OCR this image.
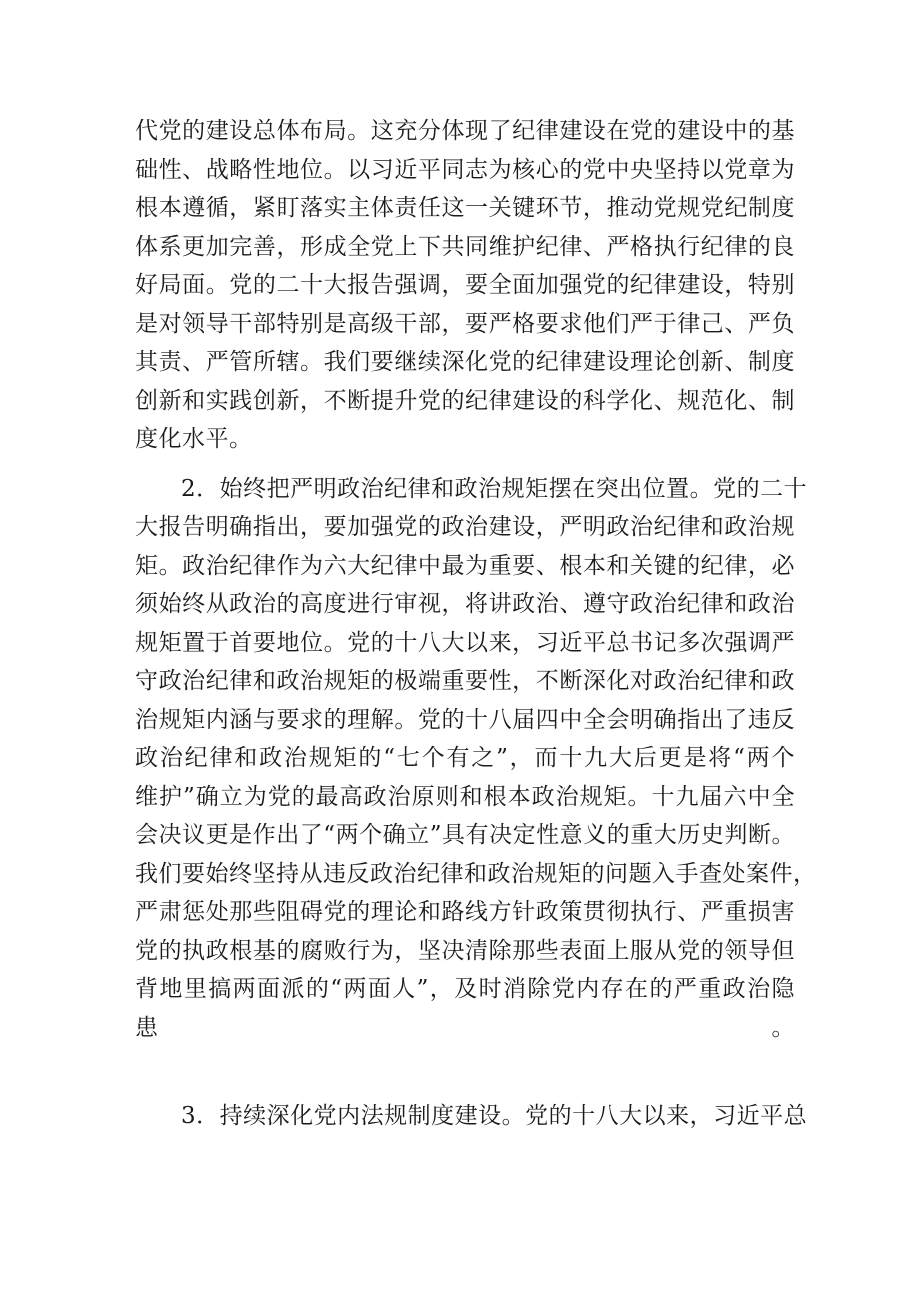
代党的建设总体布局。这充分体现了纪律建设在党的建设中的基
础性、战略性地位。以习近平同志为核心的党中央坚持以党章为
根本遵循，紧盯落实主体责任这一关键环节，推动党规党纪制度
体系更加完善，形成全党上下共同维护纪律、严格执行纪律的良
好局面。党的二十大报告强调，要全面加强党的纪律建设，特别
是对领导干部特别是高级干部，要严格要求他们严于律己、严负
其责、严管所辖。我们要继续深化党的纪律建设理论创新、制度
创新和实践创新，不断提升党的纪律建设的科学化、规范化、制
度化水平。
2．始终把严明政治纪律和政治规矩摆在突出位置。党的二十
大报告明确指出，要加强党的政治建设，严明政治纪律和政治规
矩。政治纪律作为六大纪律中最为重要、根本和关键的纪律，必
须始终从政治的高度进行审视，将讲政治、遵守政治纪律和政治
规矩置于首要地位。党的十八大以来，习近平总书记多次强调严
守政治纪律和政治规矩的极端重要性，不断深化对政治纪律和政
治规矩内涵与要求的理解。党的十八届四中全会明确指出了违反
政治纪律和政治规矩的“七个有之”，而十九大后更是将“两个
维护”确立为党的最高政治原则和根本政治规矩。十九届六中全
会决议更是作出了“两个确立”具有决定性意义的重大历史判断。
我们要始终坚持从违反政治纪律和政治规矩的问题入手查处案件，
严肃惩处那些阻碍党的理论和路线方针政策贯彻执行、严重损害
党的执政根基的腐败行为，坚决清除那些表面上服从党的领导但
背地里搞两面派的“两面人”，及时消除党内存在的严重政治隐
患。
3．持续深化党内法规制度建设。党的十八大以来，习近平总
